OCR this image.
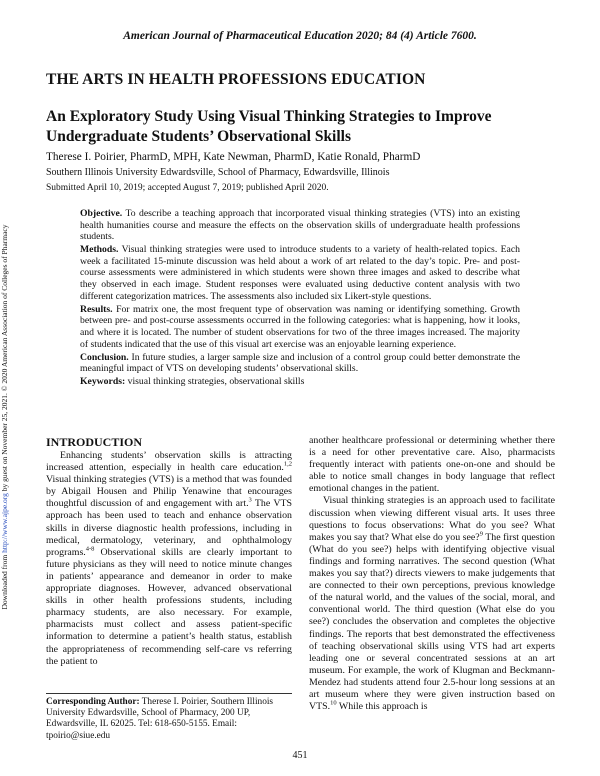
American Journal of Pharmaceutical Education 2020; 84 (4) Article 7600.
THE ARTS IN HEALTH PROFESSIONS EDUCATION
An Exploratory Study Using Visual Thinking Strategies to Improve Undergraduate Students’ Observational Skills
Therese I. Poirier, PharmD, MPH, Kate Newman, PharmD, Katie Ronald, PharmD
Southern Illinois University Edwardsville, School of Pharmacy, Edwardsville, Illinois
Submitted April 10, 2019; accepted August 7, 2019; published April 2020.

Objective. To describe a teaching approach that incorporated visual thinking strategies (VTS) into an existing health humanities course and measure the effects on the observation skills of undergraduate health professions students.

Methods. Visual thinking strategies were used to introduce students to a variety of health-related topics. Each week a facilitated 15-minute discussion was held about a work of art related to the day’s topic. Pre- and post-course assessments were administered in which students were shown three images and asked to describe what they observed in each image. Student responses were evaluated using deductive content analysis with two different categorization matrices. The assessments also included six Likert-style questions.

Results. For matrix one, the most frequent type of observation was naming or identifying something. Growth between pre- and post-course assessments occurred in the following categories: what is happening, how it looks, and where it is located. The number of student observations for two of the three images increased. The majority of students indicated that the use of this visual art exercise was an enjoyable learning experience.

Conclusion. In future studies, a larger sample size and inclusion of a control group could better demonstrate the meaningful impact of VTS on developing students’ observational skills.

Keywords: visual thinking strategies, observational skills

Downloaded from http://www.ajpe.org by guest on November 25, 2021. © 2020 American Association of Colleges of Pharmacy	INTRODUCTION

Enhancing students’ observation skills is attracting increased attention, especially in health care education.$^{1,2}$ Visual thinking strategies (VTS) is a method that was founded by Abigail Housen and Philip Yenawine that encourages thoughtful discussion of and engagement with art.$^3$ The VTS approach has been used to teach and enhance observation skills in diverse diagnostic health professions, including in medical, dermatology, veterinary, and ophthalmology programs.$^{4-8}$ Observational skills are clearly important to future physicians as they will need to notice minute changes in patients’ appearance and demeanor in order to make appropriate diagnoses. However, advanced observational skills in other health professions students, including pharmacy students, are also necessary. For example, pharmacists must collect and assess patient-specific information to determine a patient’s health status, establish the appropriateness of recommending self-care vs referring the patient to

another healthcare professional or determining whether there is a need for other preventative care. Also, pharmacists frequently interact with patients one-on-one and should be able to notice small changes in body language that reflect emotional changes in the patient.

Visual thinking strategies is an approach used to facilitate discussion when viewing different visual arts. It uses three questions to focus observations: What do you see? What makes you say that? What else do you see?$^9$ The first question (What do you see?) helps with identifying objective visual findings and forming narratives. The second question (What makes you say that?) directs viewers to make judgements that are connected to their own perceptions, previous knowledge of the natural world, and the values of the social, moral, and conventional world. The third question (What else do you see?) concludes the observation and completes the objective findings. The reports that best demonstrated the effectiveness of teaching observational skills using VTS had art experts leading one or several concentrated sessions at an art museum. For example, the work of Klugman and Beckmann-Mendez had students attend four 2.5-hour long sessions at an art museum where they were given instruction based on VTS.$^{10}$ While this approach is

Corresponding Author: Therese I. Poirier, Southern Illinois University Edwardsville, School of Pharmacy, 200 UP, Edwardsville, IL 62025. Tel: 618-650-5155. Email: tpoirio@siue.edu
451
